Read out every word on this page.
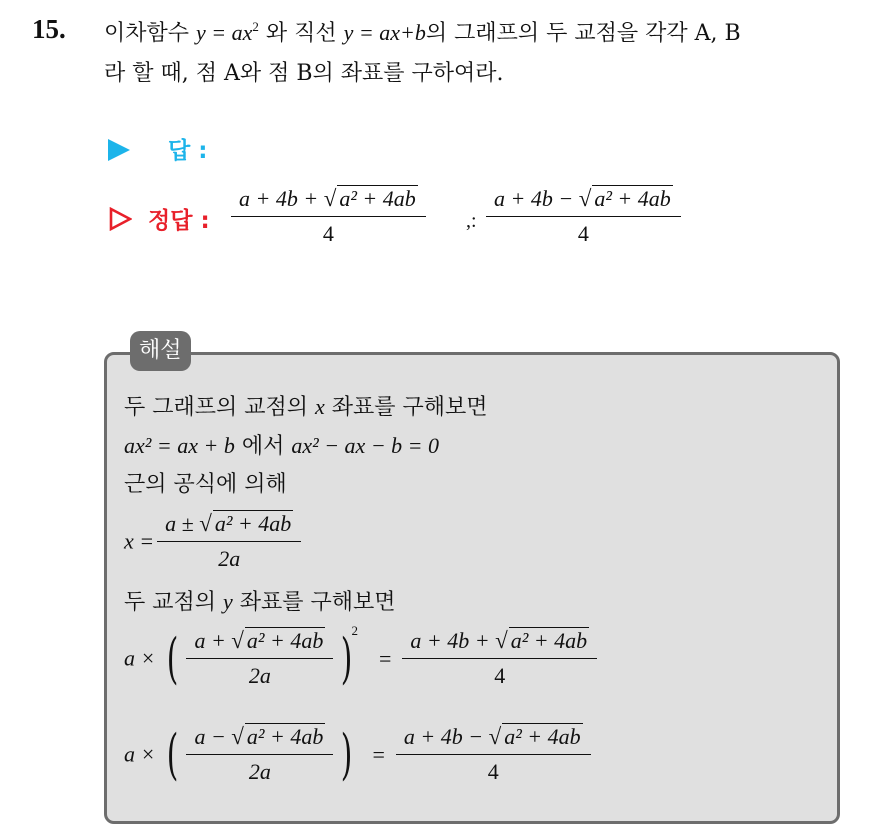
15. 이차함수 $y = ax^2$ 와 직선 y = ax+b의 그래프의 두 교점을 각각 A, B
라 할 때, 점 A와 점 B의 좌표를 구하여라.
답 :
정답 : $\frac{\text{a + 4b + √ a² + 4ab}}{4}$ ,: $\frac{\text{a + 4b − √ a² + 4ab}}{4}$
해설
두 그래프의 교점의 x 좌표를 구해보면
ax² = ax + b 에서 ax² − ax − b = 0
근의 공식에 의해
$x = \frac{\text{a ± √ a² + 4ab}}{2a}$
두 교점의 y 좌표를 구해보면
a × ( $\frac{\text{a + √ a² + 4ab}}{2a} )^2 = \frac{\text{a + 4b + √ a² + 4ab}}{4}$
a × ( $\frac{\text{a − √ a² + 4ab}}{2a}$ ) = $\frac{\text{a + 4b − √ a² + 4ab}}{4}$
